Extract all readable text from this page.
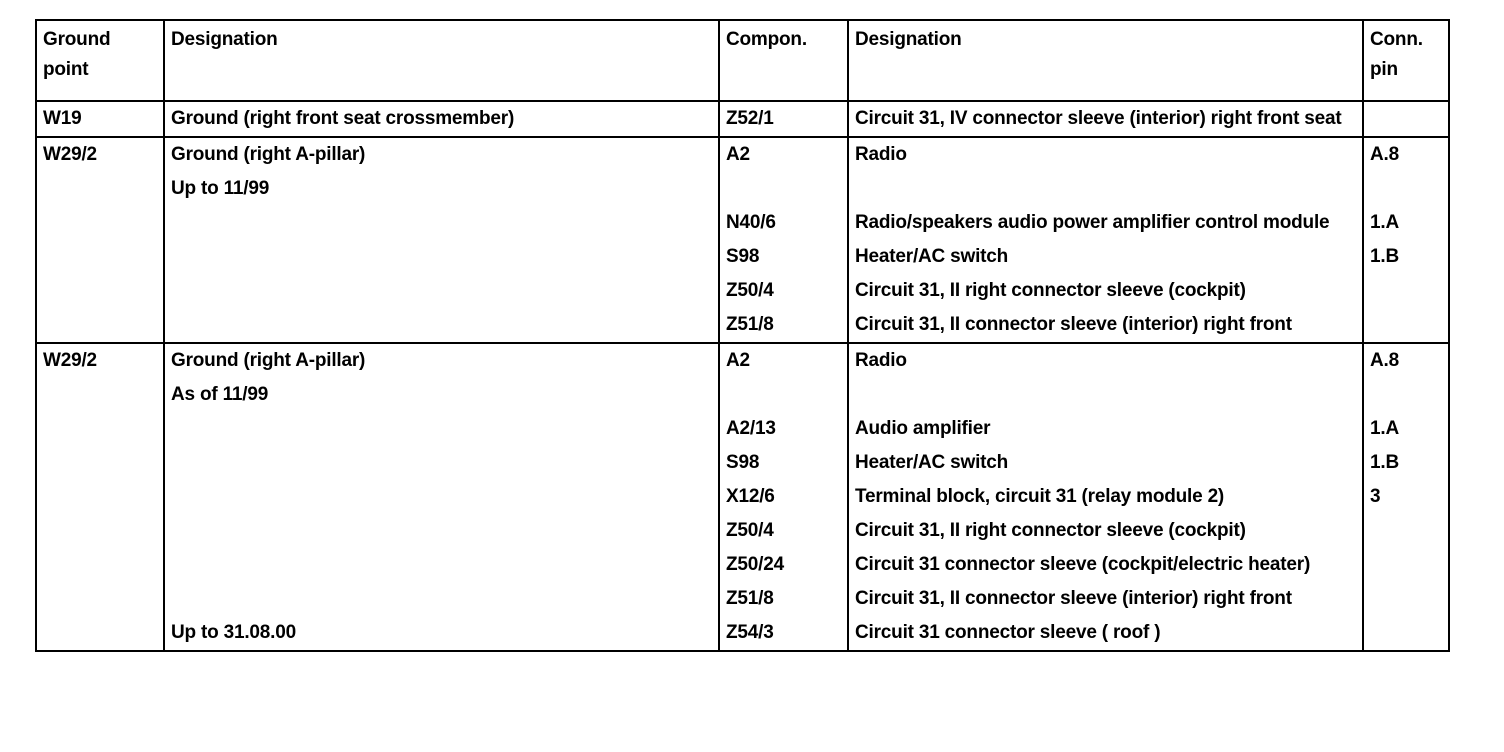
Ground
point	Designation	Compon.	Designation	Conn.
pin
W19	Ground (right front seat crossmember)	Z52/1	Circuit 31, IV connector sleeve (interior) right front seat	
W29/2	Ground (right A-pillar)	A2	Radio	A.8
	Up to 11/99			
		N40/6	Radio/speakers audio power amplifier control module	1.A
		S98	Heater/AC switch	1.B
		Z50/4	Circuit 31, II right connector sleeve (cockpit)	
		Z51/8	Circuit 31, II connector sleeve (interior) right front	
W29/2	Ground (right A-pillar)	A2	Radio	A.8
	As of 11/99			
		A2/13	Audio amplifier	1.A
		S98	Heater/AC switch	1.B
		X12/6	Terminal block, circuit 31 (relay module 2)	3
		Z50/4	Circuit 31, II right connector sleeve (cockpit)	
		Z50/24	Circuit 31 connector sleeve (cockpit/electric heater)	
		Z51/8	Circuit 31, II connector sleeve (interior) right front	
	Up to 31.08.00	Z54/3	Circuit 31 connector sleeve ( roof )	
